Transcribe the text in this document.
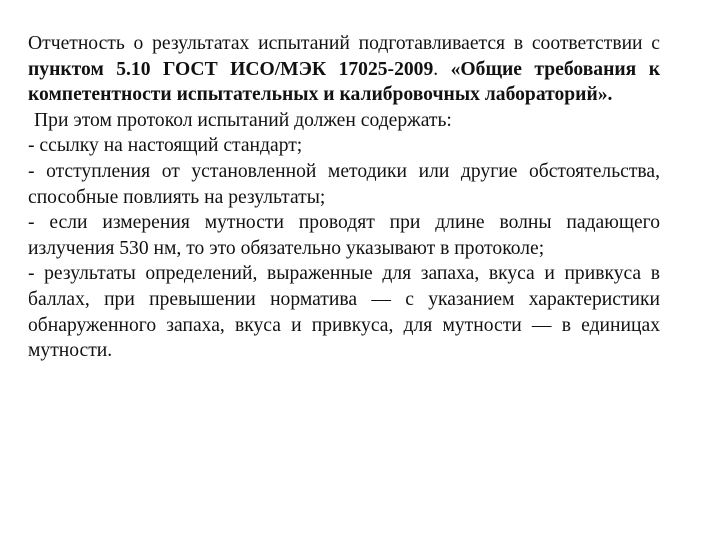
Отчетность о результатах испытаний подготавливается в соответствии с пунктом 5.10 ГОСТ ИСО/МЭК 17025-2009. «Общие требования к компетентности испытательных и калибровочных лабораторий».

При этом протокол испытаний должен содержать:

- ссылку на настоящий стандарт;

- отступления от установленной методики или другие обстоятельства, способные повлиять на результаты;

- если измерения мутности проводят при длине волны падающего излучения 530 нм, то это обязательно указывают в протоколе;

- результаты определений, выраженные для запаха, вкуса и привкуса в баллах, при превышении норматива — с указанием характеристики обнаруженного запаха, вкуса и привкуса, для мутности — в единицах мутности.
